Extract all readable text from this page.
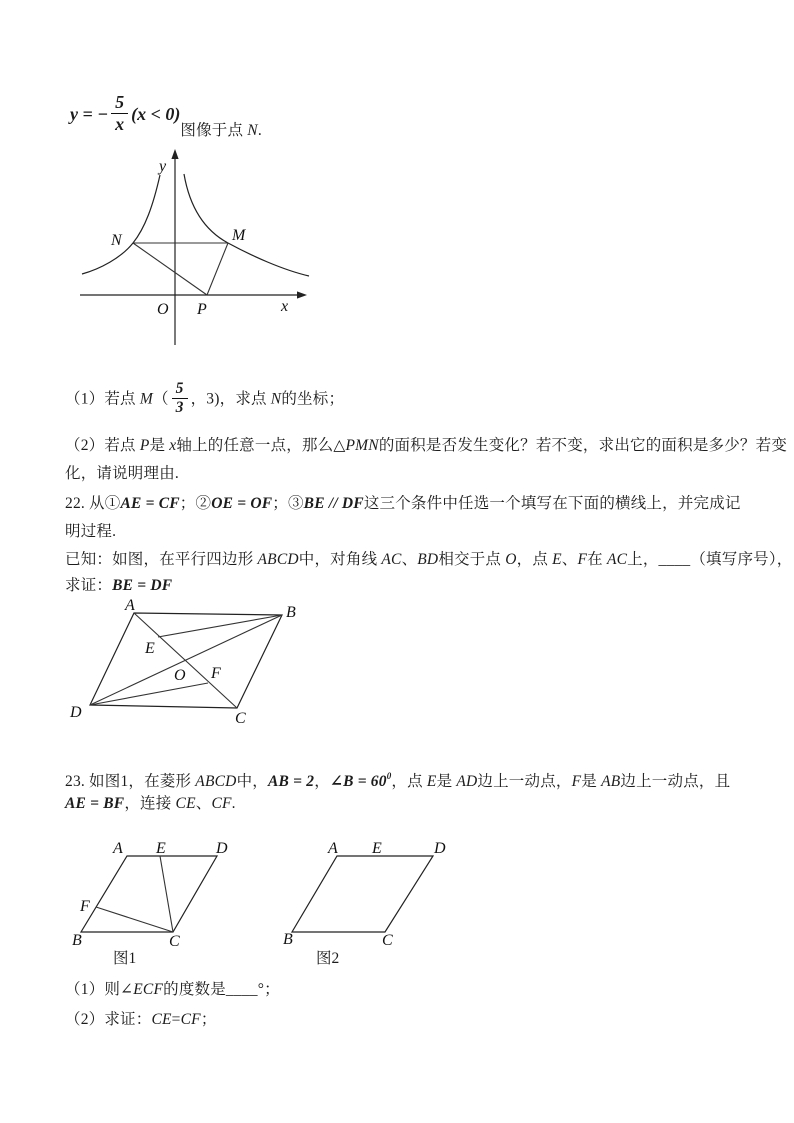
y = − $\frac{5}{x} (x < 0)$
图像于点 N.
y
x
N	M
O P
（1）若点 $M( \frac{5}{3}$ ，3)，求点 N的坐标；
（2）若点 P是 x轴上的任意一点，那么△PMN的面积是否发生变化？若不变，求出它的面积是多少？若变
化，请说明理由.
22. 从①AE = CF；②OE = OF；③BE // DF这三个条件中任选一个填写在下面的横线上，并完成记
明过程.
已知：如图，在平行四边形 ABCD中，对角线 AC、BD相交于点 O，点 E、F在 AC上，____（填写序号），
求证：BE = DF
A	B
C
D
E
O F
23. 如图1，在菱形 ABCD中，AB = 2，∠B = $60^0$，点 E是 AD边上一动点，F是 AB边上一动点，且
AE = BF，连接 CE、CF.
A E	D
F
B	C
图1
A E	D
B	C
图2
（1）则∠ECF的度数是____°；
（2）求证：CE=CF；
